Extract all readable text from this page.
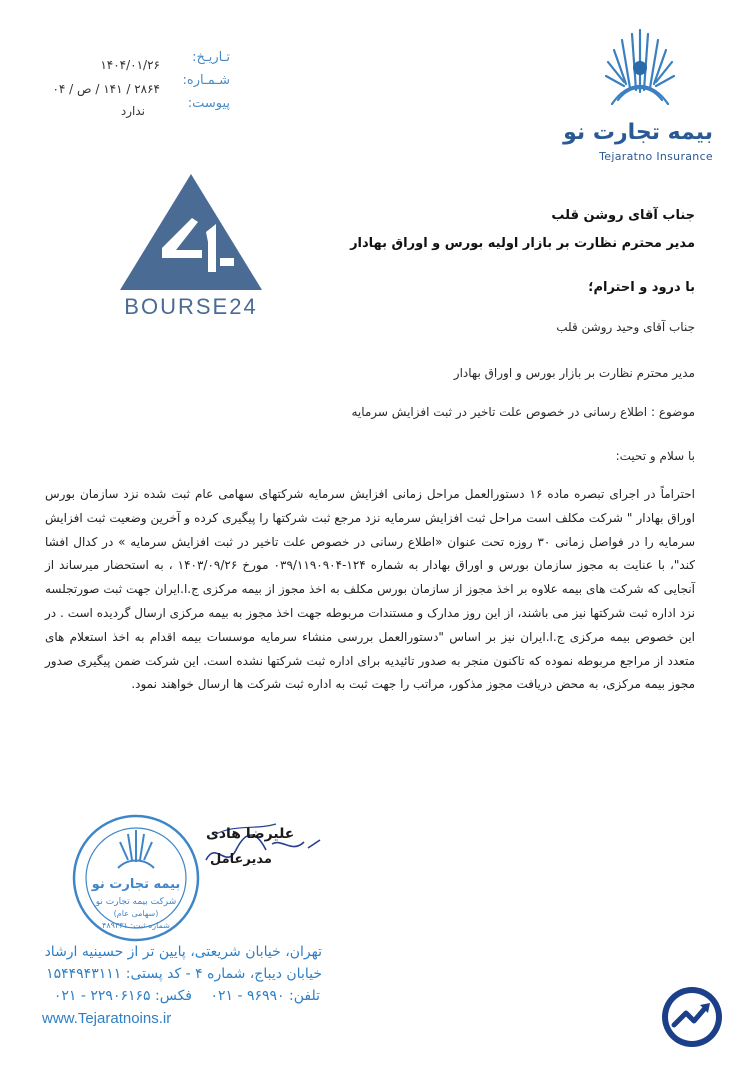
تـاریـخ:
شـمـاره:
پیوست:
۱۴۰۴/۰۱/۲۶
۲۸۶۴ / ۱۴۱ / ص / ۰۴
ندارد
بیمه تجارت نو
Tejaratno Insurance
BOURSE24
جناب آقای روشن قلب
مدیر محترم نظارت بر بازار اولیه بورس و اوراق بهادار
با درود و احترام؛
جناب آقای وحید روشن قلب
مدیر محترم نظارت بر بازار بورس و اوراق بهادار
موضوع : اطلاع رسانی در خصوص علت تاخیر در ثبت افزایش سرمایه
با سلام و تحیت:
احتراماً در اجرای تبصره ماده ۱۶ دستورالعمل مراحل زمانی افزایش سرمایه شرکتهای سهامی عام ثبت شده نزد سازمان بورس اوراق بهادار " شرکت مکلف است مراحل ثبت افزایش سرمایه نزد مرجع ثبت شرکتها را پیگیری کرده و آخرین وضعیت ثبت افزایش سرمایه را در فواصل زمانی ۳۰ روزه تحت عنوان «اطلاع رسانی در خصوص علت تاخیر در ثبت افزایش سرمایه » در کدال افشا کند"، با عنایت به مجوز سازمان بورس و اوراق بهادار به شماره ۱۲۴-۰۳۹/۱۱۹۰۹۰۴ مورخ ۱۴۰۳/۰۹/۲۶ ، به استحضار میرساند از آنجایی که شرکت های بیمه علاوه بر اخذ مجوز از سازمان بورس مکلف به اخذ مجوز از بیمه مرکزی ج.ا.ایران جهت ثبت صورتجلسه نزد اداره ثبت شرکتها نیز می باشند، از این روز مدارک و مستندات مربوطه جهت اخذ مجوز به بیمه مرکزی ارسال گردیده است . در این خصوص بیمه مرکزی ج.ا.ایران نیز بر اساس "دستورالعمل بررسی منشاء سرمایه موسسات بیمه اقدام به اخذ استعلام های متعدد از مراجع مربوطه نموده که تاکنون منجر به صدور تائیدیه برای اداره ثبت شرکتها نشده است. این شرکت ضمن پیگیری صدور مجوز بیمه مرکزی، به محض دریافت مجوز مذکور، مراتب را جهت ثبت به اداره ثبت شرکت ها ارسال خواهند نمود.
بیمه تجارت نو
شرکت بیمه تجارت نو
(سهامی عام)
شماره ثبت: ۴۸۹۳۳۱
علیرضا هادی
مدیرعامل
تهران، خیابان شریعتی، پایین تر از حسینیه ارشاد
خیابان دیباج، شماره ۴ - کد پستی: ۱۵۴۴۹۴۳۱۱۱
تلفن: ۹۶۹۹۰ - ۰۲۱
فکس: ۲۲۹۰۶۱۶۵ - ۰۲۱
www.Tejaratnoins.ir
